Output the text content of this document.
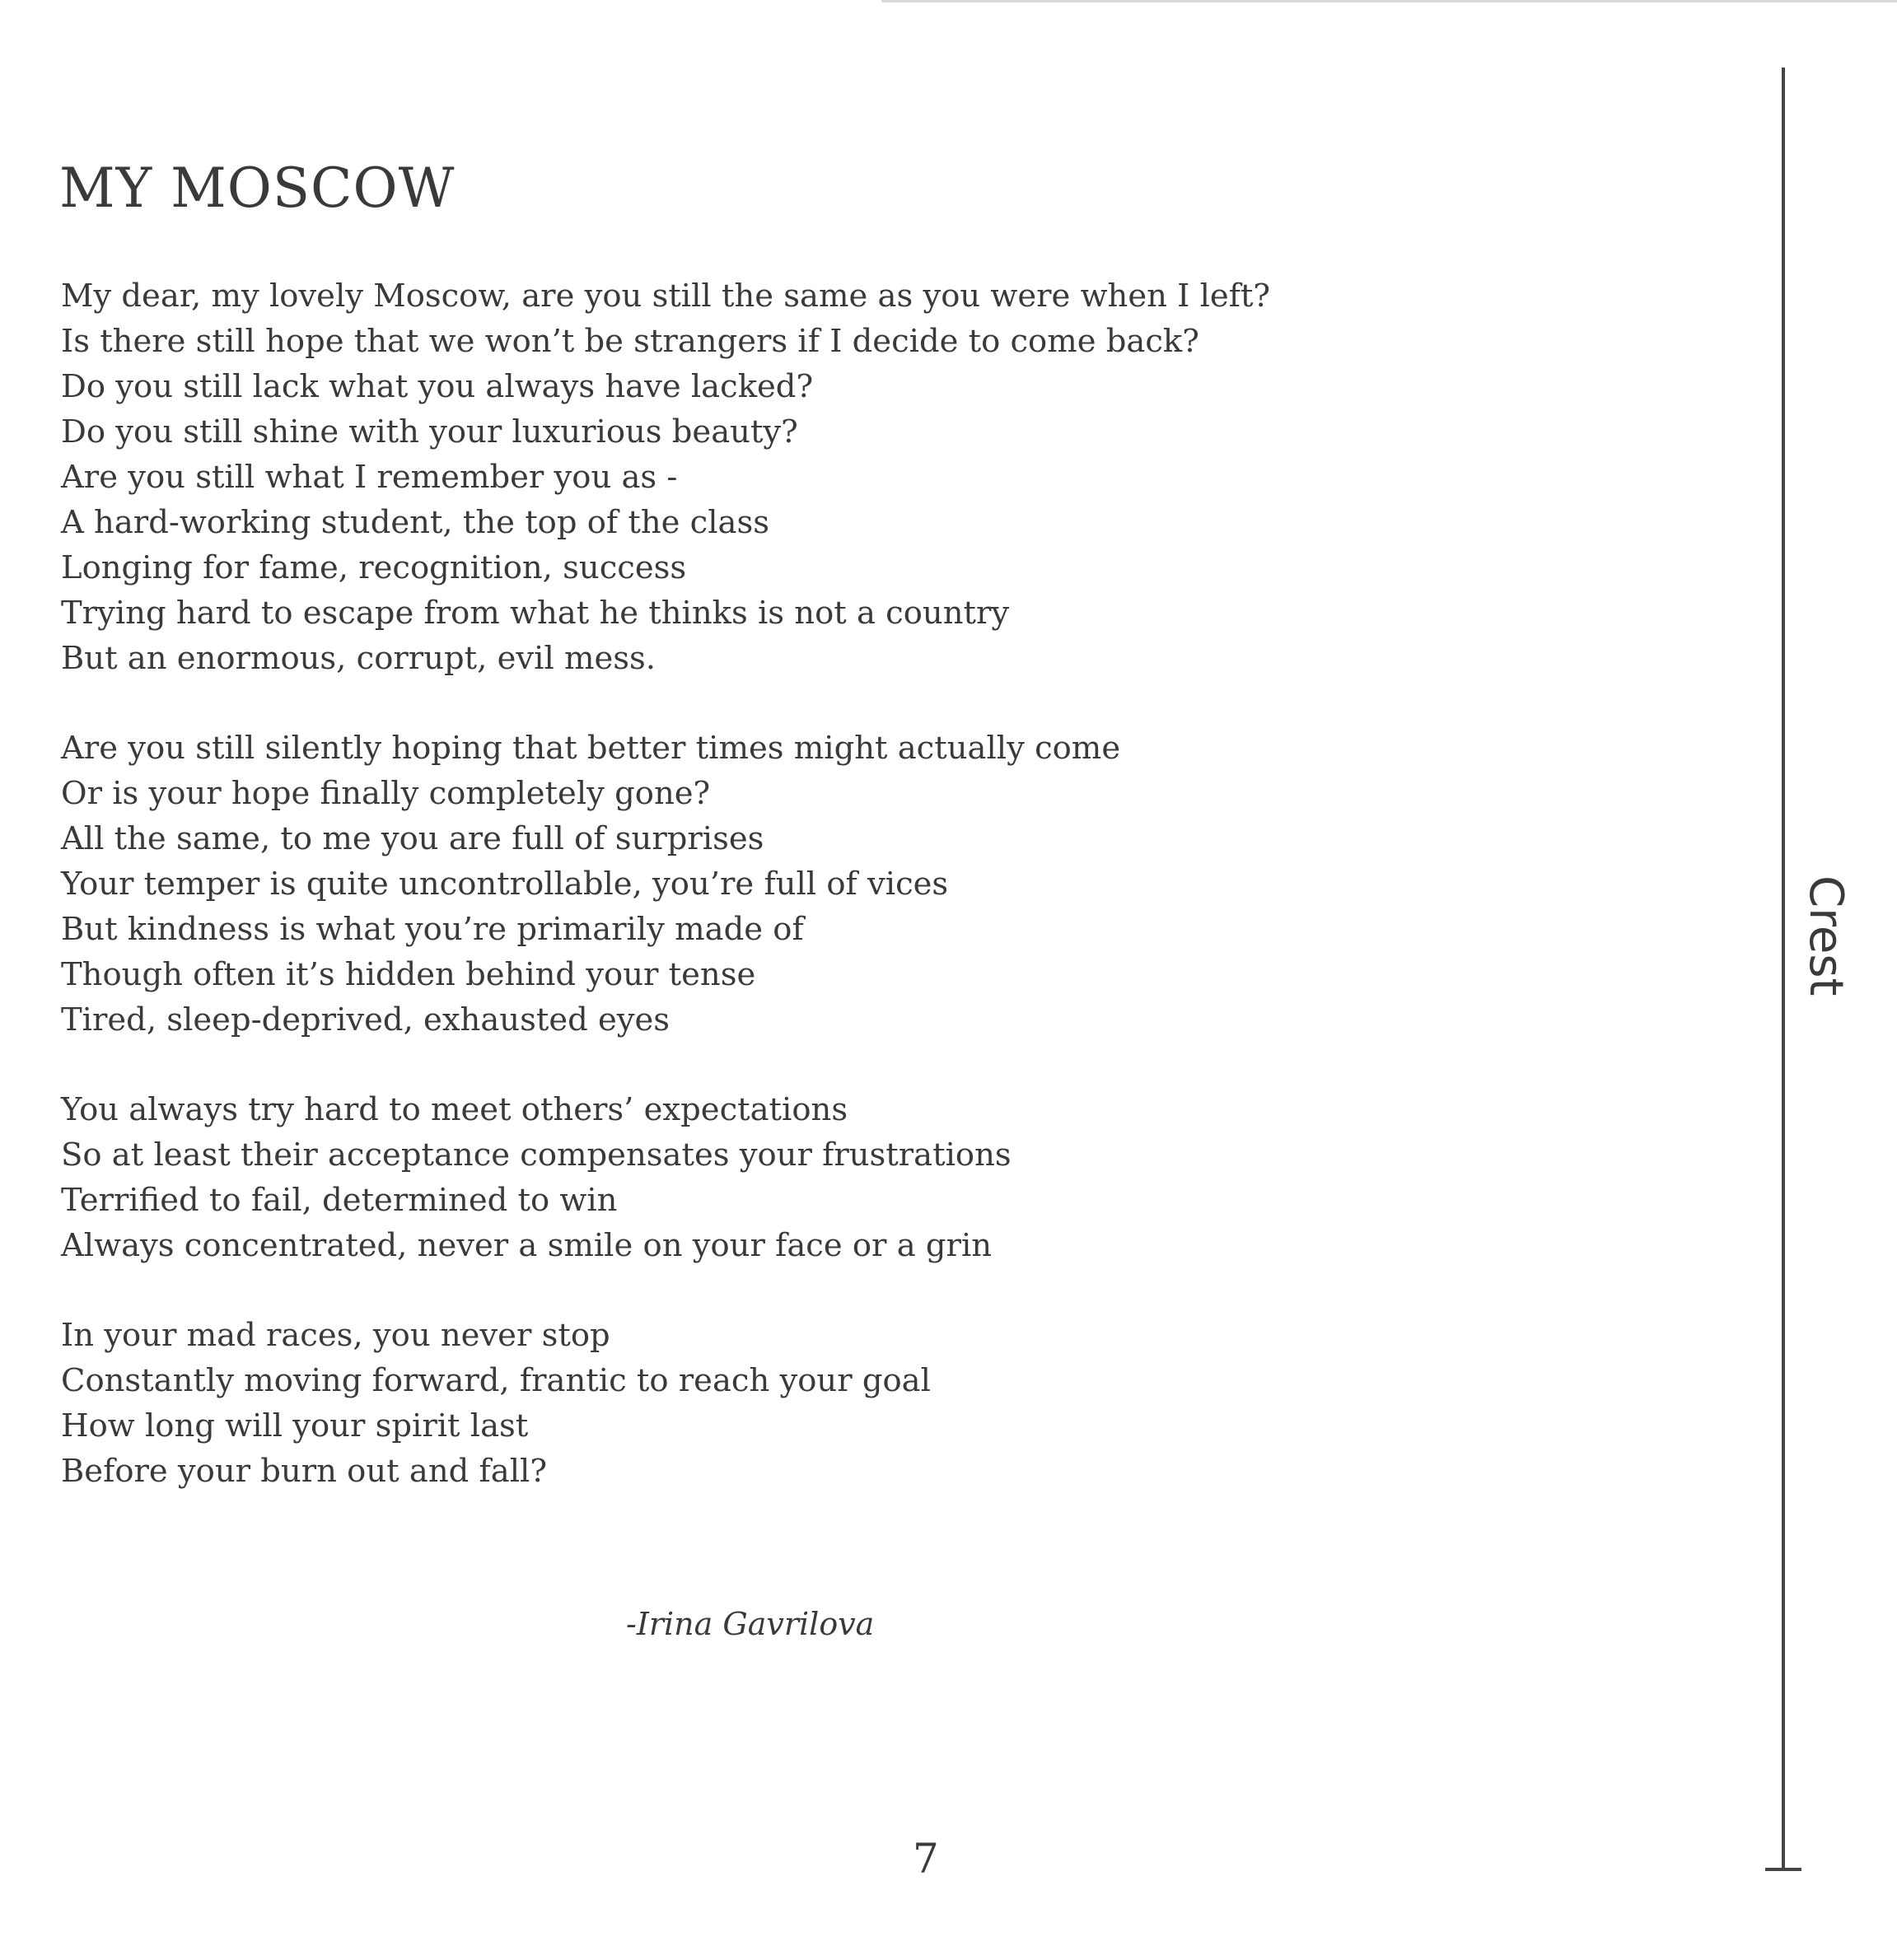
MY MOSCOW
My dear, my lovely Moscow, are you still the same as you were when I left?
Is there still hope that we won’t be strangers if I decide to come back?
Do you still lack what you always have lacked?
Do you still shine with your luxurious beauty?
Are you still what I remember you as -
A hard-working student, the top of the class
Longing for fame, recognition, success
Trying hard to escape from what he thinks is not a country
But an enormous, corrupt, evil mess.
Are you still silently hoping that better times might actually come
Or is your hope finally completely gone?
All the same, to me you are full of surprises
Your temper is quite uncontrollable, you’re full of vices
But kindness is what you’re primarily made of
Though often it’s hidden behind your tense
Tired, sleep-deprived, exhausted eyes
You always try hard to meet others’ expectations
So at least their acceptance compensates your frustrations
Terrified to fail, determined to win
Always concentrated, never a smile on your face or a grin
In your mad races, you never stop
Constantly moving forward, frantic to reach your goal
How long will your spirit last
Before your burn out and fall?
-Irina Gavrilova
7
Crest
